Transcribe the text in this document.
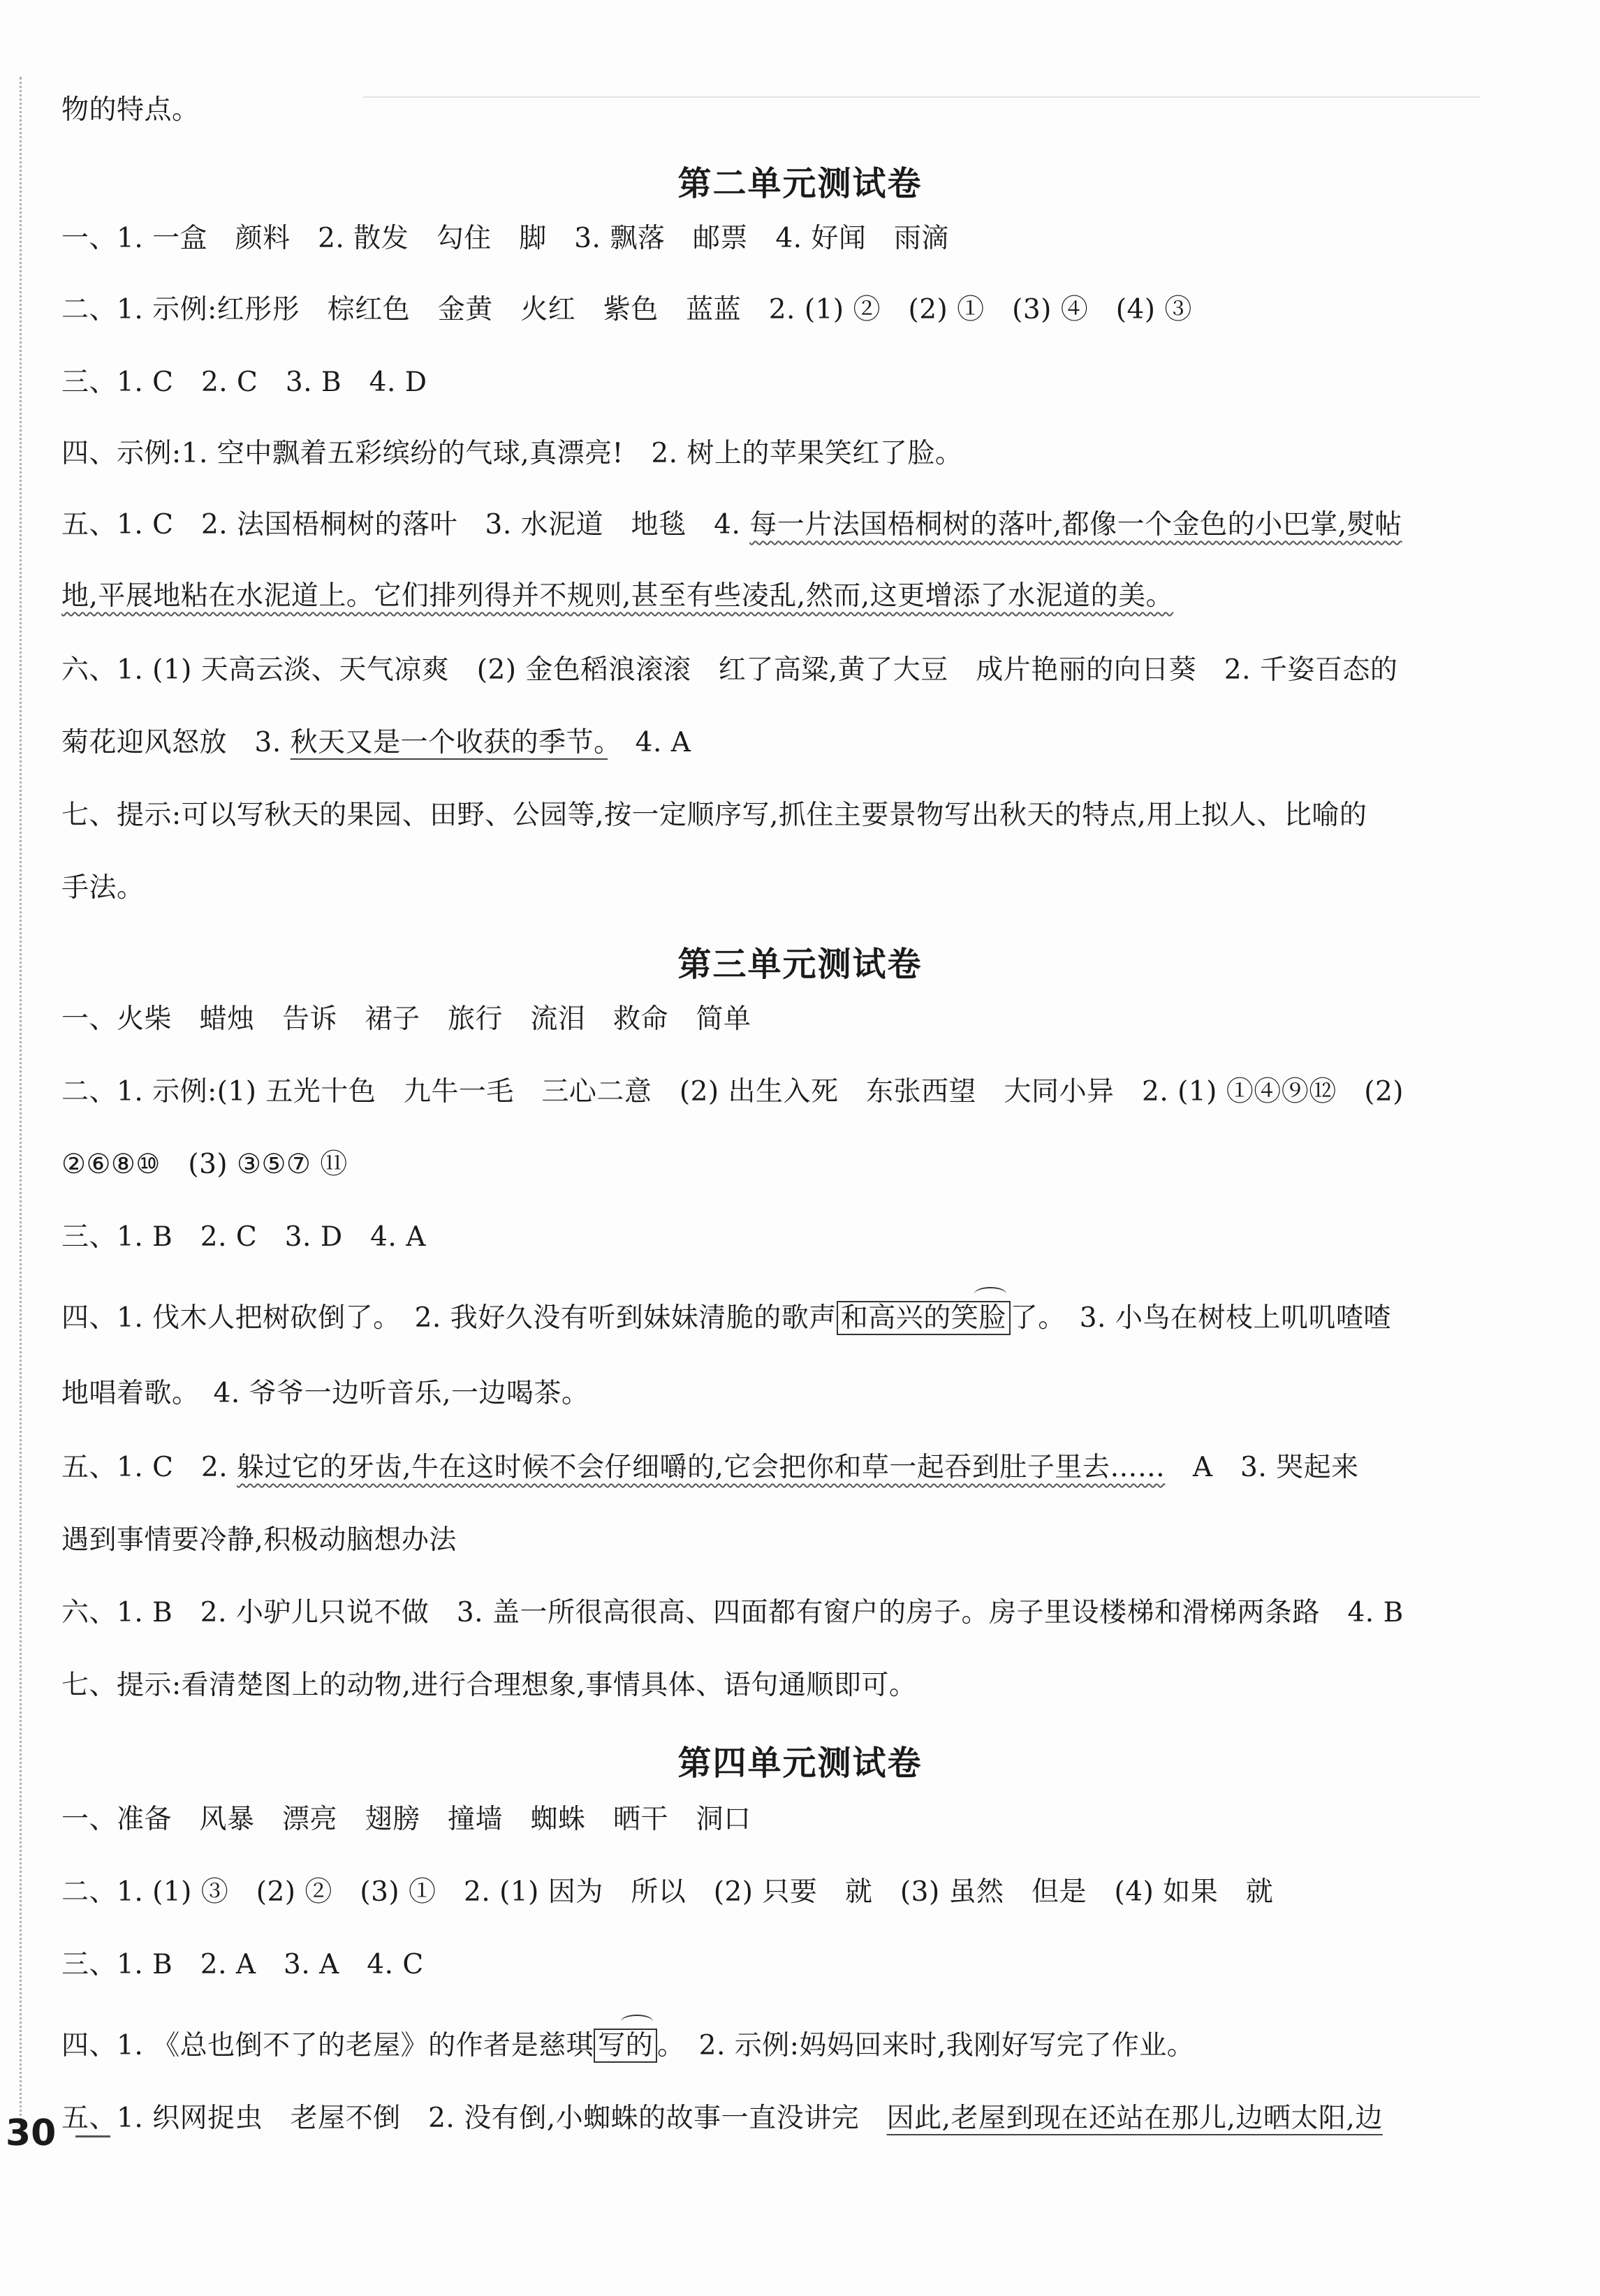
物的特点。
第二单元测试卷
一、1. 一盒　颜料　2. 散发　勾住　脚　3. 飘落　邮票　4. 好闻　雨滴
二、1. 示例:红彤彤　棕红色　金黄　火红　紫色　蓝蓝　2. (1) ②　(2) ①　(3) ④　(4) ③
三、1. C　2. C　3. B　4. D
四、示例:1. 空中飘着五彩缤纷的气球,真漂亮!　2. 树上的苹果笑红了脸。
五、1. C　2. 法国梧桐树的落叶　3. 水泥道　地毯　4. 每一片法国梧桐树的落叶,都像一个金色的小巴掌,熨帖
地,平展地粘在水泥道上。它们排列得并不规则,甚至有些凌乱,然而,这更增添了水泥道的美。
六、1. (1) 天高云淡、天气凉爽　(2) 金色稻浪滚滚　红了高粱,黄了大豆　成片艳丽的向日葵　2. 千姿百态的
菊花迎风怒放　3. 秋天又是一个收获的季节。　4. A
七、提示:可以写秋天的果园、田野、公园等,按一定顺序写,抓住主要景物写出秋天的特点,用上拟人、比喻的
手法。
第三单元测试卷
一、火柴　蜡烛　告诉　裙子　旅行　流泪　救命　简单
二、1. 示例:(1) 五光十色　九牛一毛　三心二意　(2) 出生入死　东张西望　大同小异　2. (1) ①④⑨⑫　(2)
②⑥⑧⑩　(3) ③⑤⑦ ⑪
三、1. B　2. C　3. D　4. A
四、1. 伐木人把树砍倒了。　2. 我好久没有听到妹妹清脆的歌声 和高兴的笑脸 了。　3. 小鸟在树枝上叽叽喳喳
地唱着歌。　4. 爷爷一边听音乐,一边喝茶。
五、1. C　2. 躲过它的牙齿,牛在这时候不会仔细嚼的,它会把你和草一起吞到肚子里去……　A　3. 哭起来
遇到事情要冷静,积极动脑想办法
六、1. B　2. 小驴儿只说不做　3. 盖一所很高很高、四面都有窗户的房子。房子里设楼梯和滑梯两条路　4. B
七、提示:看清楚图上的动物,进行合理想象,事情具体、语句通顺即可。
第四单元测试卷
一、准备　风暴　漂亮　翅膀　撞墙　蜘蛛　晒干　洞口
二、1. (1) ③　(2) ②　(3) ①　2. (1) 因为　所以　(2) 只要　就　(3) 虽然　但是　(4) 如果　就
三、1. B　2. A　3. A　4. C
四、1. 《总也倒不了的老屋》的作者是慈琪 写的 。　2. 示例:妈妈回来时,我刚好写完了作业。
五、1. 织网捉虫　老屋不倒　2. 没有倒,小蜘蛛的故事一直没讲完　因此,老屋到现在还站在那儿,边晒太阳,边
30
